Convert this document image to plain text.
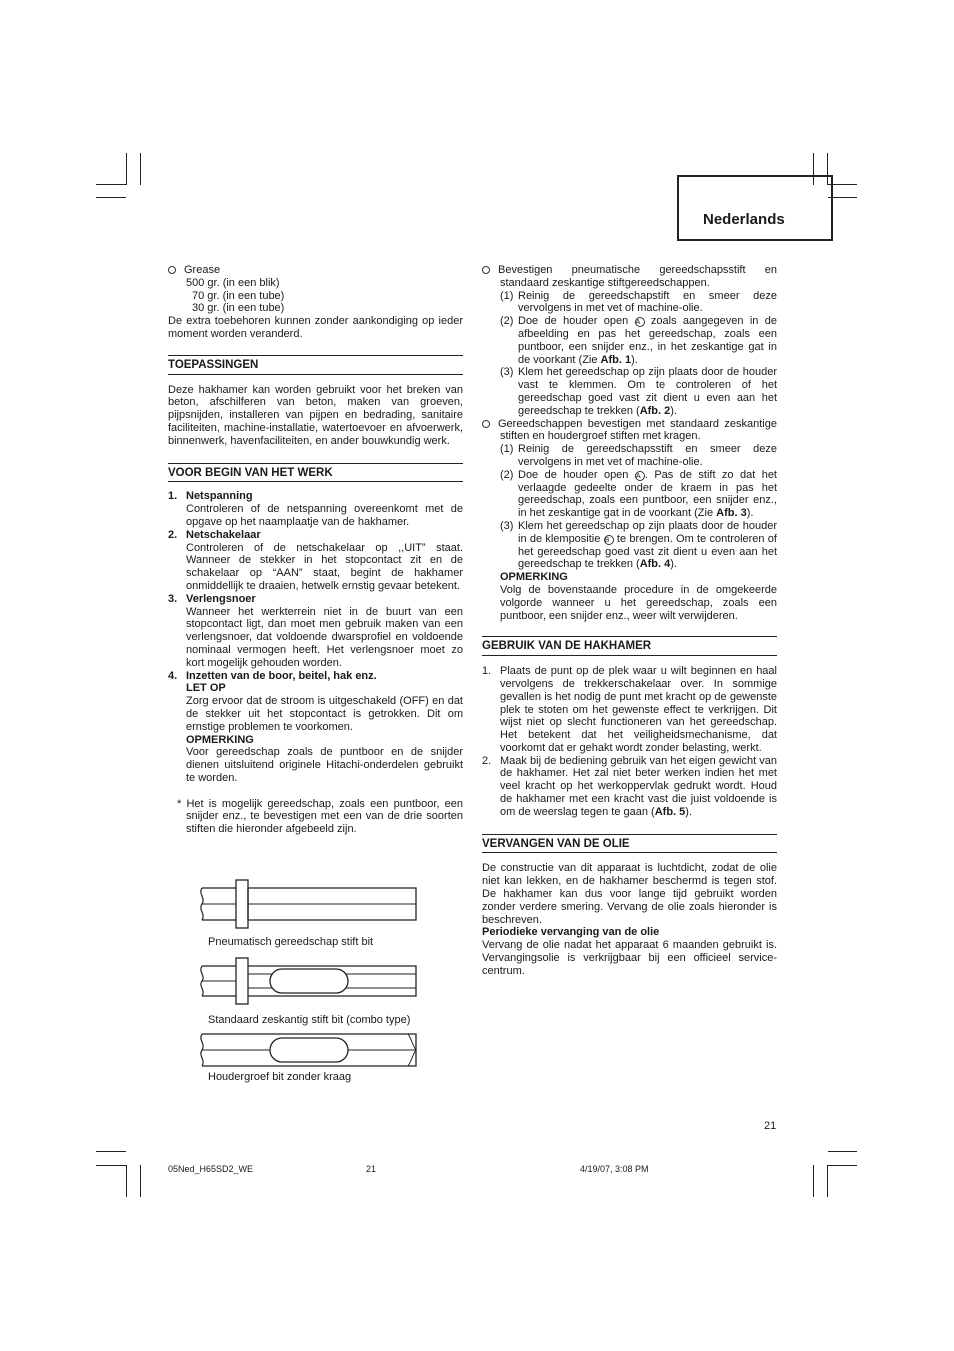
Nederlands

Grease

500 gr. (in een blik)

70 gr. (in een tube)

30 gr. (in een tube)

De extra toebehoren kunnen zonder aankondiging op ieder moment worden veranderd.

TOEPASSINGEN

Deze hakhamer kan worden gebruikt voor het breken van beton, afschilferen van beton, maken van groeven, pijpsnijden, installeren van pijpen en bedrading, sanitaire faciliteiten, machine-installatie, watertoevoer en afvoerwerk, binnenwerk, havenfaciliteiten, en ander bouwkundig werk.

VOOR BEGIN VAN HET WERK
1. Netspanning
Controleren of de netspanning overeenkomt met de opgave op het naamplaatje van de hakhamer.
2. Netschakelaar
Controleren of de netschakelaar op ,,UIT” staat. Wanneer de stekker in het stopcontact zit en de schakelaar op “AAN” staat, begint de hakhamer onmiddellijk te draaien, hetwelk ernstig gevaar betekent.
3. Verlengsnoer
Wanneer het werkterrein niet in de buurt van een stopcontact ligt, dan moet men gebruik maken van een verlengsnoer, dat voldoende dwarsprofiel en voldoende nominaal vermogen heeft. Het verlengsnoer moet zo kort mogelijk gehouden worden.
4. Inzetten van de boor, beitel, hak enz.
LET OP
Zorg ervoor dat de stroom is uitgeschakeld (OFF) en dat de stekker uit het stopcontact is getrokken. Dit om ernstige problemen te voorkomen.
OPMERKING
Voor gereedschap zoals de puntboor en de snijder dienen uitsluitend originele Hitachi-onderdelen gebruikt te worden.

* Het is mogelijk gereedschap, zoals een puntboor, een snijder enz., te bevestigen met een van de drie soorten stiften die hieronder afgebeeld zijn.

Pneumatisch gereedschap stift bit
Standaard zeskantig stift bit (combo type)
Houdergroef bit zonder kraag

Bevestigen pneumatische gereedschapsstift en standaard zeskantige stiftgereedschappen.

(1) Reinig de gereedschapstift en smeer deze vervolgens in met vet of machine-olie.
(2) Doe de houder open A zoals aangegeven in de afbeelding en pas het gereedschap, zoals een puntboor, een snijder enz., in het zeskantige gat in de voorkant (Zie Afb. 1).
(3) Klem het gereedschap op zijn plaats door de houder vast te klemmen. Om te controleren of het gereedschap goed vast zit dient u even aan het gereedschap te trekken (Afb. 2).

Gereedschappen bevestigen met standaard zeskantige stiften en houdergroef stiften met kragen.

(1) Reinig de gereedschapsstift en smeer deze vervolgens in met vet of machine-olie.
(2) Doe de houder open A . Pas de stift zo dat het verlaagde gedeelte onder de kraem in pas het gereedschap, zoals een puntboor, een snijder enz., in het zeskantige gat in de voorkant (Zie Afb. 3).
(3) Klem het gereedschap op zijn plaats door de houder in de klempositie B te brengen. Om te controleren of het gereedschap goed vast zit dient u even aan het gereedschap te trekken (Afb. 4).

OPMERKING

Volg de bovenstaande procedure in de omgekeerde volgorde wanneer u het gereedschap, zoals een puntboor, een snijder enz., weer wilt verwijderen.

GEBRUIK VAN DE HAKHAMER
1. Plaats de punt op de plek waar u wilt beginnen en haal vervolgens de trekkerschakelaar over. In sommige gevallen is het nodig de punt met kracht op de gewenste plek te stoten om het gewenste effect te verkrijgen. Dit wijst niet op slecht functioneren van het gereedschap. Het betekent dat het veiligheidsmechanisme, dat voorkomt dat er gehakt wordt zonder belasting, werkt.
2. Maak bij de bediening gebruik van het eigen gewicht van de hakhamer. Het zal niet beter werken indien het met veel kracht op het werkoppervlak gedrukt wordt. Houd de hakhamer met een kracht vast die juist voldoende is om de weerslag tegen te gaan (Afb. 5).
VERVANGEN VAN DE OLIE

De constructie van dit apparaat is luchtdicht, zodat de olie niet kan lekken, en de hakhamer beschermd is tegen stof. De hakhamer kan dus voor lange tijd gebruikt worden zonder verdere smering. Vervang de olie zoals hieronder is beschreven.

Periodieke vervanging van de olie

Vervang de olie nadat het apparaat 6 maanden gebruikt is. Vervangingsolie is verkrijgbaar bij een officieel service-centrum.

21
05Ned_H65SD2_WE	21	4/19/07, 3:08 PM
